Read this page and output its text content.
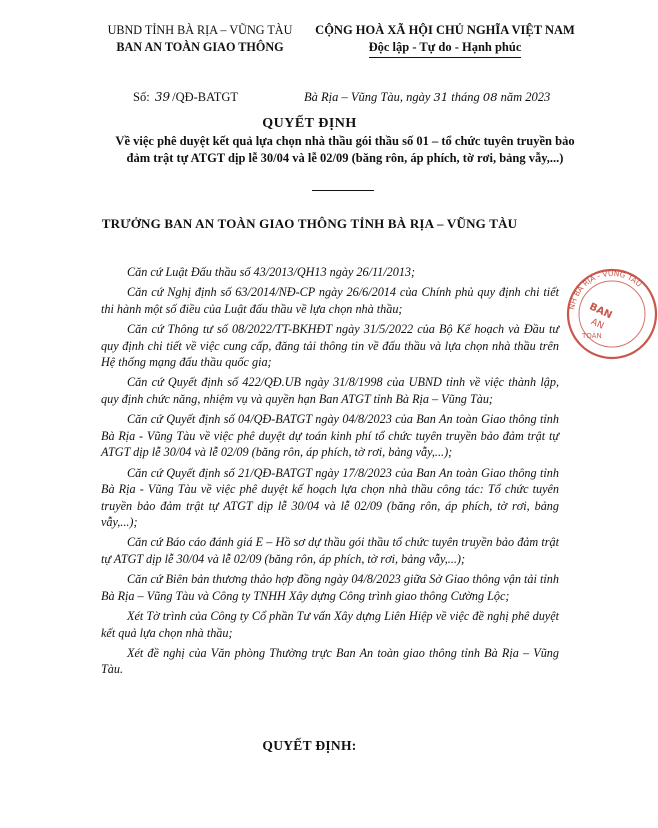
UBND TỈNH BÀ RỊA – VŨNG TÀU
BAN AN TOÀN GIAO THÔNG
CỘNG HOÀ XÃ HỘI CHỦ NGHĨA VIỆT NAM
Độc lập - Tự do - Hạnh phúc
Số: 39 /QĐ-BATGT	Bà Rịa – Vũng Tàu, ngày 31 tháng 08 năm 2023
QUYẾT ĐỊNH
Về việc phê duyệt kết quả lựa chọn nhà thầu gói thầu số 01 – tổ chức tuyên truyền bảo đảm trật tự ATGT dịp lễ 30/04 và lễ 02/09 (băng rôn, áp phích, tờ rơi, bảng vẫy,...)
TRƯỞNG BAN AN TOÀN GIAO THÔNG TỈNH BÀ RỊA – VŨNG TÀU

Căn cứ Luật Đấu thầu số 43/2013/QH13 ngày 26/11/2013;

Căn cứ Nghị định số 63/2014/NĐ-CP ngày 26/6/2014 của Chính phủ quy định chi tiết thi hành một số điều của Luật đấu thầu về lựa chọn nhà thầu;

Căn cứ Thông tư số 08/2022/TT-BKHĐT ngày 31/5/2022 của Bộ Kế hoạch và Đầu tư quy định chi tiết về việc cung cấp, đăng tải thông tin về đấu thầu và lựa chọn nhà thầu trên Hệ thống mạng đấu thầu quốc gia;

Căn cứ Quyết định số 422/QĐ.UB ngày 31/8/1998 của UBND tỉnh về việc thành lập, quy định chức năng, nhiệm vụ và quyền hạn Ban ATGT tỉnh Bà Rịa – Vũng Tàu;

Căn cứ Quyết định số 04/QĐ-BATGT ngày 04/8/2023 của Ban An toàn Giao thông tỉnh Bà Rịa - Vũng Tàu về việc phê duyệt dự toán kinh phí tổ chức tuyên truyền bảo đảm trật tự ATGT dịp lễ 30/04 và lễ 02/09 (băng rôn, áp phích, tờ rơi, bảng vẫy,...);

Căn cứ Quyết định số 21/QĐ-BATGT ngày 17/8/2023 của Ban An toàn Giao thông tỉnh Bà Rịa - Vũng Tàu về việc phê duyệt kế hoạch lựa chọn nhà thầu công tác: Tổ chức tuyên truyền bảo đảm trật tự ATGT dịp lễ 30/04 và lễ 02/09 (băng rôn, áp phích, tờ rơi, bảng vẫy,...);

Căn cứ Báo cáo đánh giá E – Hồ sơ dự thầu gói thầu tổ chức tuyên truyền bảo đảm trật tự ATGT dịp lễ 30/04 và lễ 02/09 (băng rôn, áp phích, tờ rơi, bảng vẫy,...);

Căn cứ Biên bản thương thảo hợp đồng ngày 04/8/2023 giữa Sở Giao thông vận tải tỉnh Bà Rịa – Vũng Tàu và Công ty TNHH Xây dựng Công trình giao thông Cường Lộc;

Xét Tờ trình của Công ty Cổ phần Tư vấn Xây dựng Liên Hiệp về việc đề nghị phê duyệt kết quả lựa chọn nhà thầu;

Xét đề nghị của Văn phòng Thường trực Ban An toàn giao thông tỉnh Bà Rịa – Vũng Tàu.

QUYẾT ĐỊNH:
NH BÀ RỊA - VŨNG TÀU
BAN
AN
TOÀN
